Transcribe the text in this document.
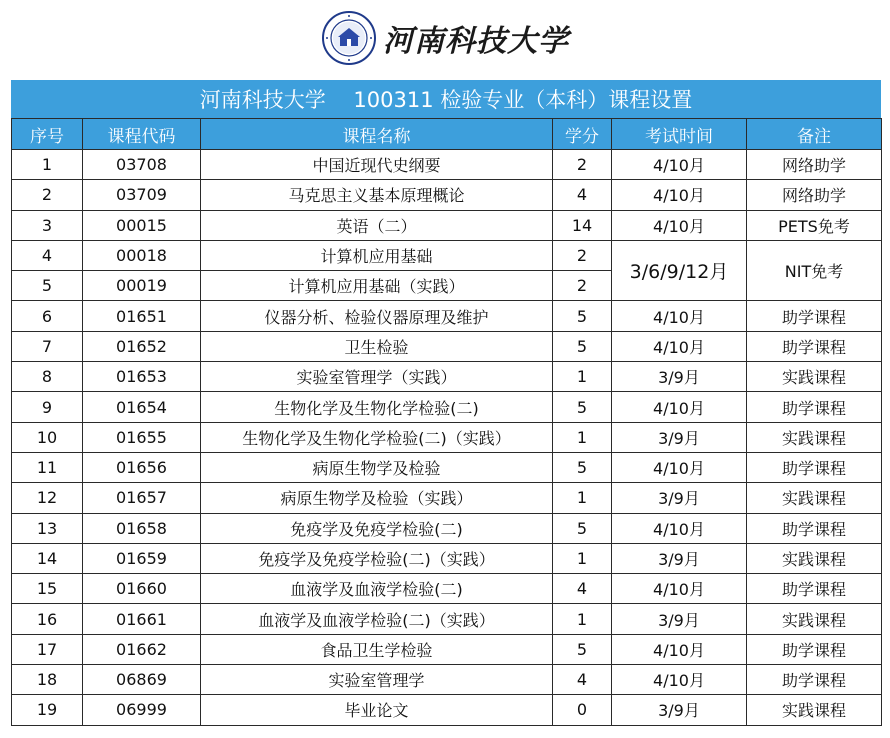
河南科技大学
河南科技大学　 100311 检验专业（本科）课程设置
序号	课程代码	课程名称	学分	考试时间	备注
1	03708	中国近现代史纲要	2	4/10月	网络助学
2	03709	马克思主义基本原理概论	4	4/10月	网络助学
3	00015	英语（二）	14	4/10月	PETS免考
4	00018	计算机应用基础	2	3/6/9/12月	NIT免考
5	00019	计算机应用基础（实践）	2		
6	01651	仪器分析、检验仪器原理及维护	5	4/10月	助学课程
7	01652	卫生检验	5	4/10月	助学课程
8	01653	实验室管理学（实践）	1	3/9月	实践课程
9	01654	生物化学及生物化学检验(二)	5	4/10月	助学课程
10	01655	生物化学及生物化学检验(二)（实践）	1	3/9月	实践课程
11	01656	病原生物学及检验	5	4/10月	助学课程
12	01657	病原生物学及检验（实践）	1	3/9月	实践课程
13	01658	免疫学及免疫学检验(二)	5	4/10月	助学课程
14	01659	免疫学及免疫学检验(二)（实践）	1	3/9月	实践课程
15	01660	血液学及血液学检验(二)	4	4/10月	助学课程
16	01661	血液学及血液学检验(二)（实践）	1	3/9月	实践课程
17	01662	食品卫生学检验	5	4/10月	助学课程
18	06869	实验室管理学	4	4/10月	助学课程
19	06999	毕业论文	0	3/9月	实践课程
